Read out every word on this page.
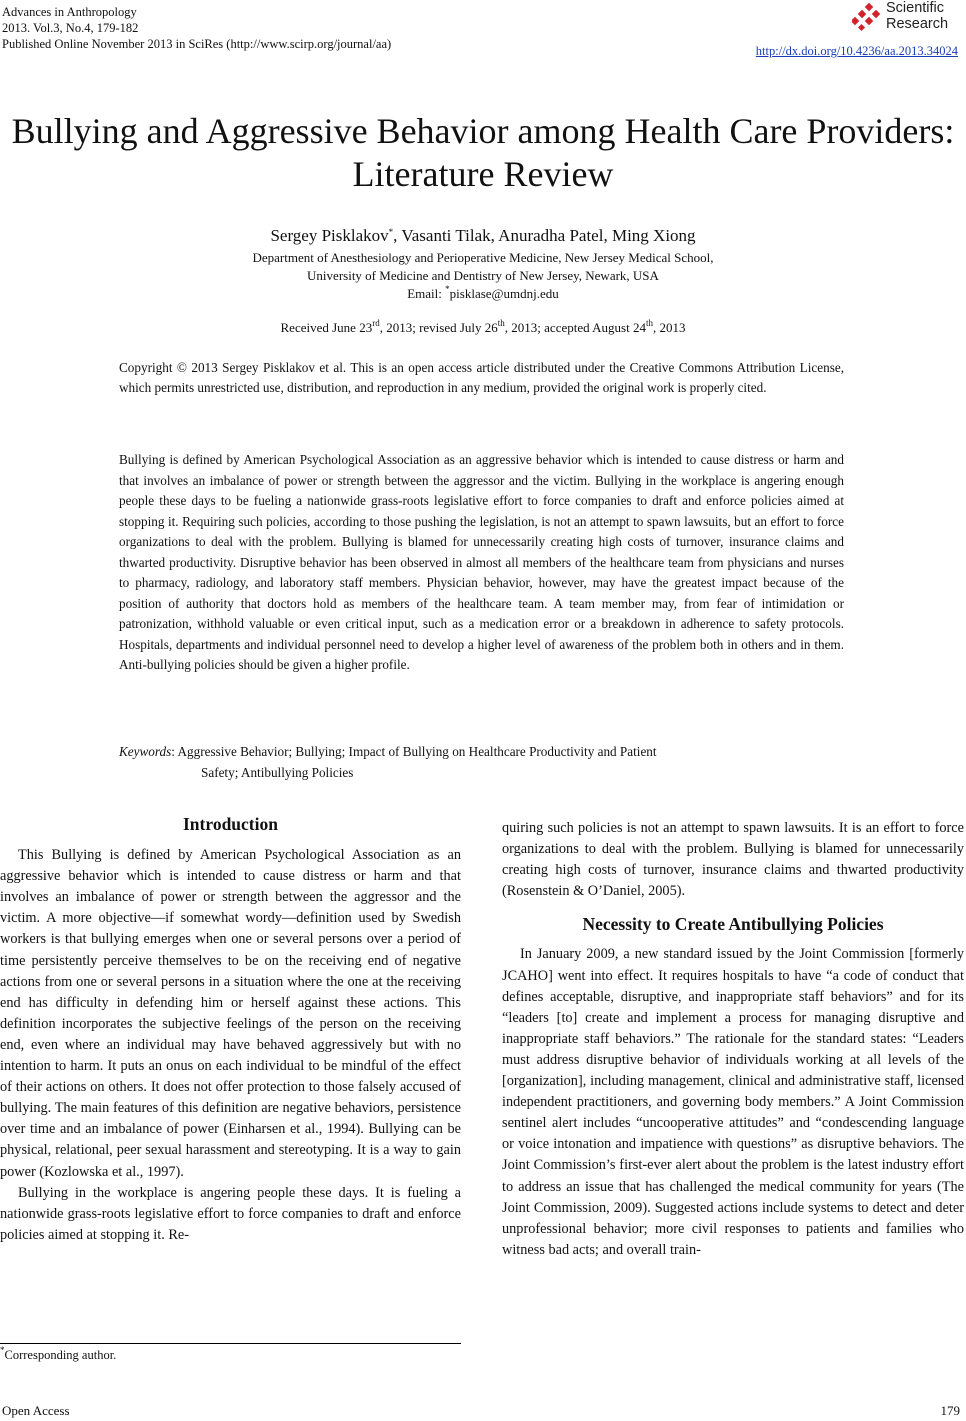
Advances in Anthropology
2013. Vol.3, No.4, 179-182
Published Online November 2013 in SciRes (http://www.scirp.org/journal/aa)
Scientific
Research
http://dx.doi.org/10.4236/aa.2013.34024
Bullying and Aggressive Behavior among Health Care Providers:
Literature Review
Sergey Pisklakov*, Vasanti Tilak, Anuradha Patel, Ming Xiong
Department of Anesthesiology and Perioperative Medicine, New Jersey Medical School,
University of Medicine and Dentistry of New Jersey, Newark, USA
Email: *pisklase@umdnj.edu
Received June 23rd, 2013; revised July 26th, 2013; accepted August 24th, 2013
Copyright © 2013 Sergey Pisklakov et al. This is an open access article distributed under the Creative Commons Attribution License, which permits unrestricted use, distribution, and reproduction in any medium, provided the original work is properly cited.
Bullying is defined by American Psychological Association as an aggressive behavior which is intended to cause distress or harm and that involves an imbalance of power or strength between the aggressor and the victim. Bullying in the workplace is angering enough people these days to be fueling a nationwide grass-roots legislative effort to force companies to draft and enforce policies aimed at stopping it. Requiring such policies, according to those pushing the legislation, is not an attempt to spawn lawsuits, but an effort to force organizations to deal with the problem. Bullying is blamed for unnecessarily creating high costs of turnover, insurance claims and thwarted productivity. Disruptive behavior has been observed in almost all members of the healthcare team from physicians and nurses to pharmacy, radiology, and laboratory staff members. Physician behavior, however, may have the greatest impact because of the position of authority that doctors hold as members of the healthcare team. A team member may, from fear of intimidation or patronization, withhold valuable or even critical input, such as a medication error or a breakdown in adherence to safety protocols. Hospitals, departments and individual personnel need to develop a higher level of awareness of the problem both in others and in them. Anti-bullying policies should be given a higher profile.
Keywords: Aggressive Behavior; Bullying; Impact of Bullying on Healthcare Productivity and Patient
Safety; Antibullying Policies
Introduction

This Bullying is defined by American Psychological Association as an aggressive behavior which is intended to cause distress or harm and that involves an imbalance of power or strength between the aggressor and the victim. A more objective—if somewhat wordy—definition used by Swedish workers is that bullying emerges when one or several persons over a period of time persistently perceive themselves to be on the receiving end of negative actions from one or several persons in a situation where the one at the receiving end has difficulty in defending him or herself against these actions. This definition incorporates the subjective feelings of the person on the receiving end, even where an individual may have behaved aggressively but with no intention to harm. It puts an onus on each individual to be mindful of the effect of their actions on others. It does not offer protection to those falsely accused of bullying. The main features of this definition are negative behaviors, persistence over time and an imbalance of power (Einharsen et al., 1994). Bullying can be physical, relational, peer sexual harassment and stereotyping. It is a way to gain power (Kozlowska et al., 1997).

Bullying in the workplace is angering people these days. It is fueling a nationwide grass-roots legislative effort to force companies to draft and enforce policies aimed at stopping it. Re-

quiring such policies is not an attempt to spawn lawsuits. It is an effort to force organizations to deal with the problem. Bullying is blamed for unnecessarily creating high costs of turnover, insurance claims and thwarted productivity (Rosenstein & O’Daniel, 2005).

Necessity to Create Antibullying Policies

In January 2009, a new standard issued by the Joint Commission [formerly JCAHO] went into effect. It requires hospitals to have “a code of conduct that defines acceptable, disruptive, and inappropriate staff behaviors” and for its “leaders [to] create and implement a process for managing disruptive and inappropriate staff behaviors.” The rationale for the standard states: “Leaders must address disruptive behavior of individuals working at all levels of the [organization], including management, clinical and administrative staff, licensed independent practitioners, and governing body members.” A Joint Commission sentinel alert includes “uncooperative attitudes” and “condescending language or voice intonation and impatience with questions” as disruptive behaviors. The Joint Commission’s first-ever alert about the problem is the latest industry effort to address an issue that has challenged the medical community for years (The Joint Commission, 2009). Suggested actions include systems to detect and deter unprofessional behavior; more civil responses to patients and families who witness bad acts; and overall train-

*Corresponding author.
Open Access	179
